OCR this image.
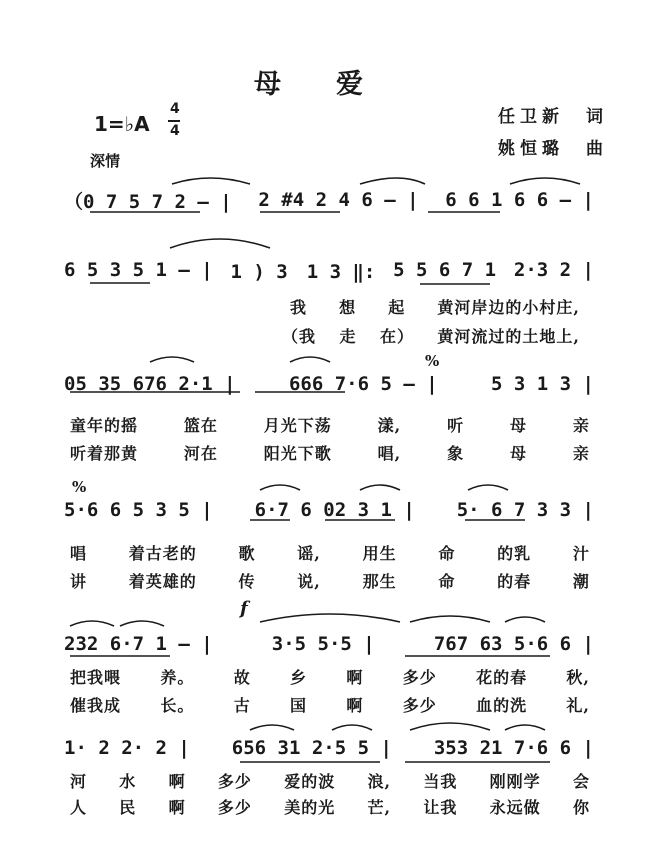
母　爱
任卫新　词
姚恒璐　曲
1=♭A
4
4
深情
%
%
f
（0 7 5 7 2 — | 2 #4 2 4 6 — | 6 6 1 6 6 — |
6 5 3 5 1 — | 1 ) 3　1 3 ‖: 5 5 6 7 1 2·3 2 |
我 想 起 黄河岸边的小村庄,
（我 走 在） 黄河流过的土地上,
05 35 676 2·1 |	666 7·6 5 — |	5 3 1 3 |
童年的摇	篮在	月光下荡	漾,	听	母	亲
听着那黄	河在	阳光下歌	唱,	象	母	亲
5·6 6 5 3 5 | 6·7 6 02 3 1 | 5· 6 7 3 3 |
唱	着古老的	歌	谣,	用生	命	的乳	汁
讲	着英雄的	传	说,	那生	命	的春	潮
232 6·7 1 — |	3·5 5·5 |	767 63 5·6 6 |
把我喂 养。 故 乡 啊 多少 花的春 秋,
催我成 长。 古 国 啊 多少 血的洗 礼,
1· 2 2· 2 | 656 31 2·5 5 | 353 21 7·6 6 |
河 水 啊 多少 爱的波 浪, 当我 刚刚学 会
人 民 啊 多少 美的光 芒, 让我 永远做 你
